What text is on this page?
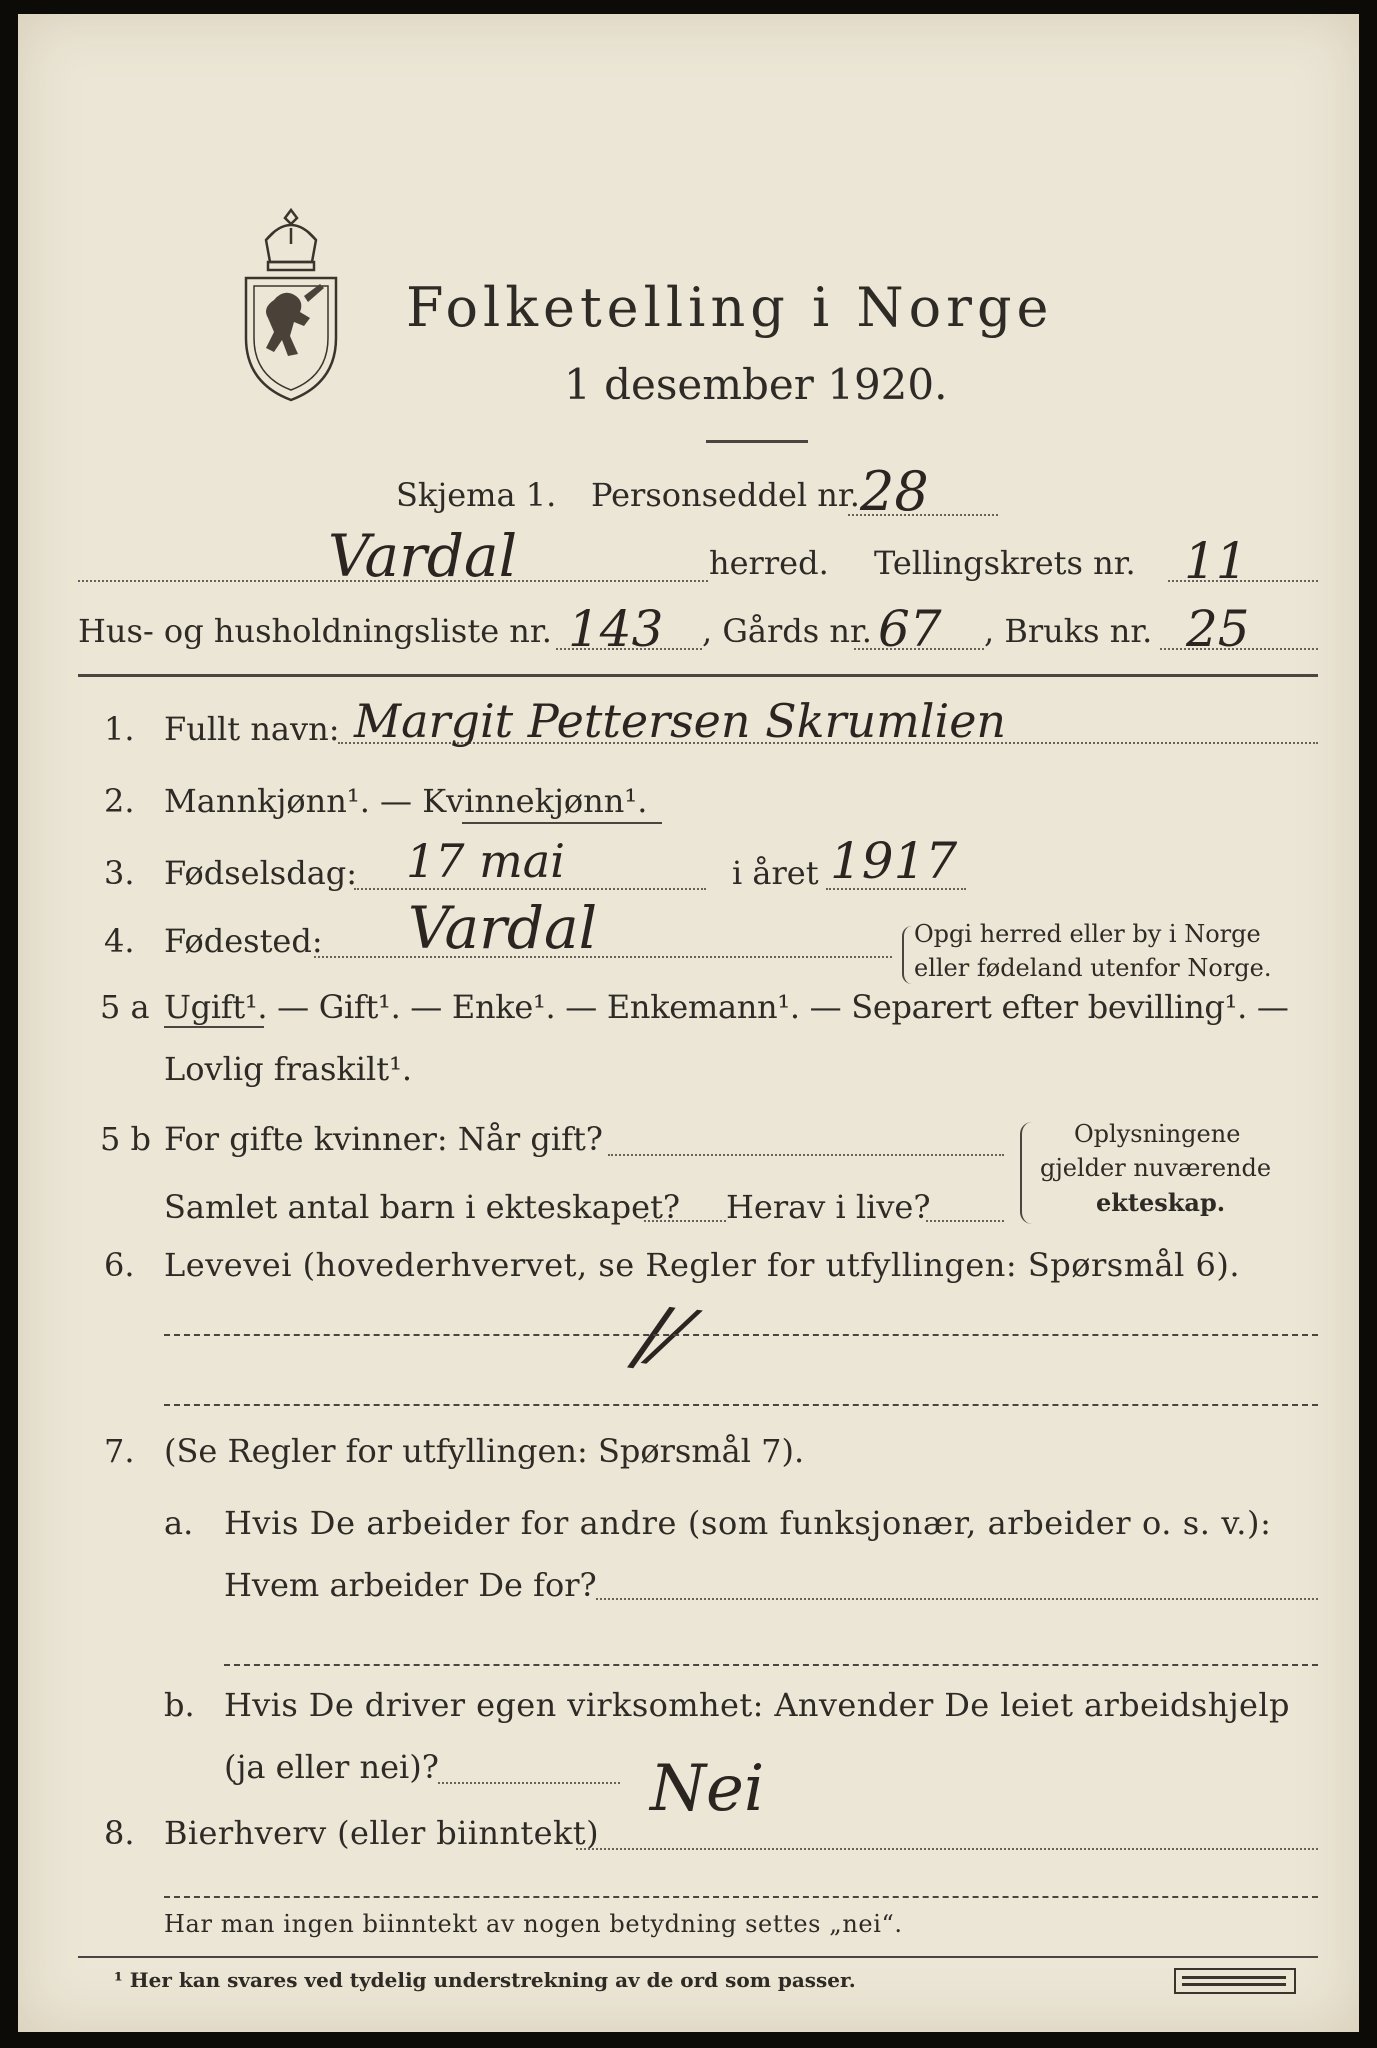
Folketelling i Norge
1 desember 1920.
Skjema 1. Personseddel nr. 28
Vardal	herred. Tellingskrets nr. 11
Hus- og husholdningsliste nr. 143 , Gårds nr. 67 , Bruks nr. 25
1. Fullt navn: Margit Pettersen Skrumlien
2. Mannkjønn¹. — Kvinnekjønn¹.
3. Fødselsdag: 17 mai	i året 1917
4. Fødested: Vardal	Opgi herred eller by i Norge
eller fødeland utenfor Norge.
5 a Ugift¹. — Gift¹. — Enke¹. — Enkemann¹. — Separert efter bevilling¹. —
Lovlig fraskilt¹.
5 b For gifte kvinner: Når gift?
Samlet antal barn i ekteskapet? Herav i live?
Oplysningene
gjelder nuværende
ekteskap.
6. Levevei (hovederhvervet, se Regler for utfyllingen: Spørsmål 6).
/⁄
7. (Se Regler for utfyllingen: Spørsmål 7).
a. Hvis De arbeider for andre (som funksjonær, arbeider o. s. v.):
Hvem arbeider De for?
b. Hvis De driver egen virksomhet: Anvender De leiet arbeidshjelp
(ja eller nei)?
8. Bierhverv (eller biinntekt)
Nei
Har man ingen biinntekt av nogen betydning settes „nei“.
¹ Her kan svares ved tydelig understrekning av de ord som passer.
